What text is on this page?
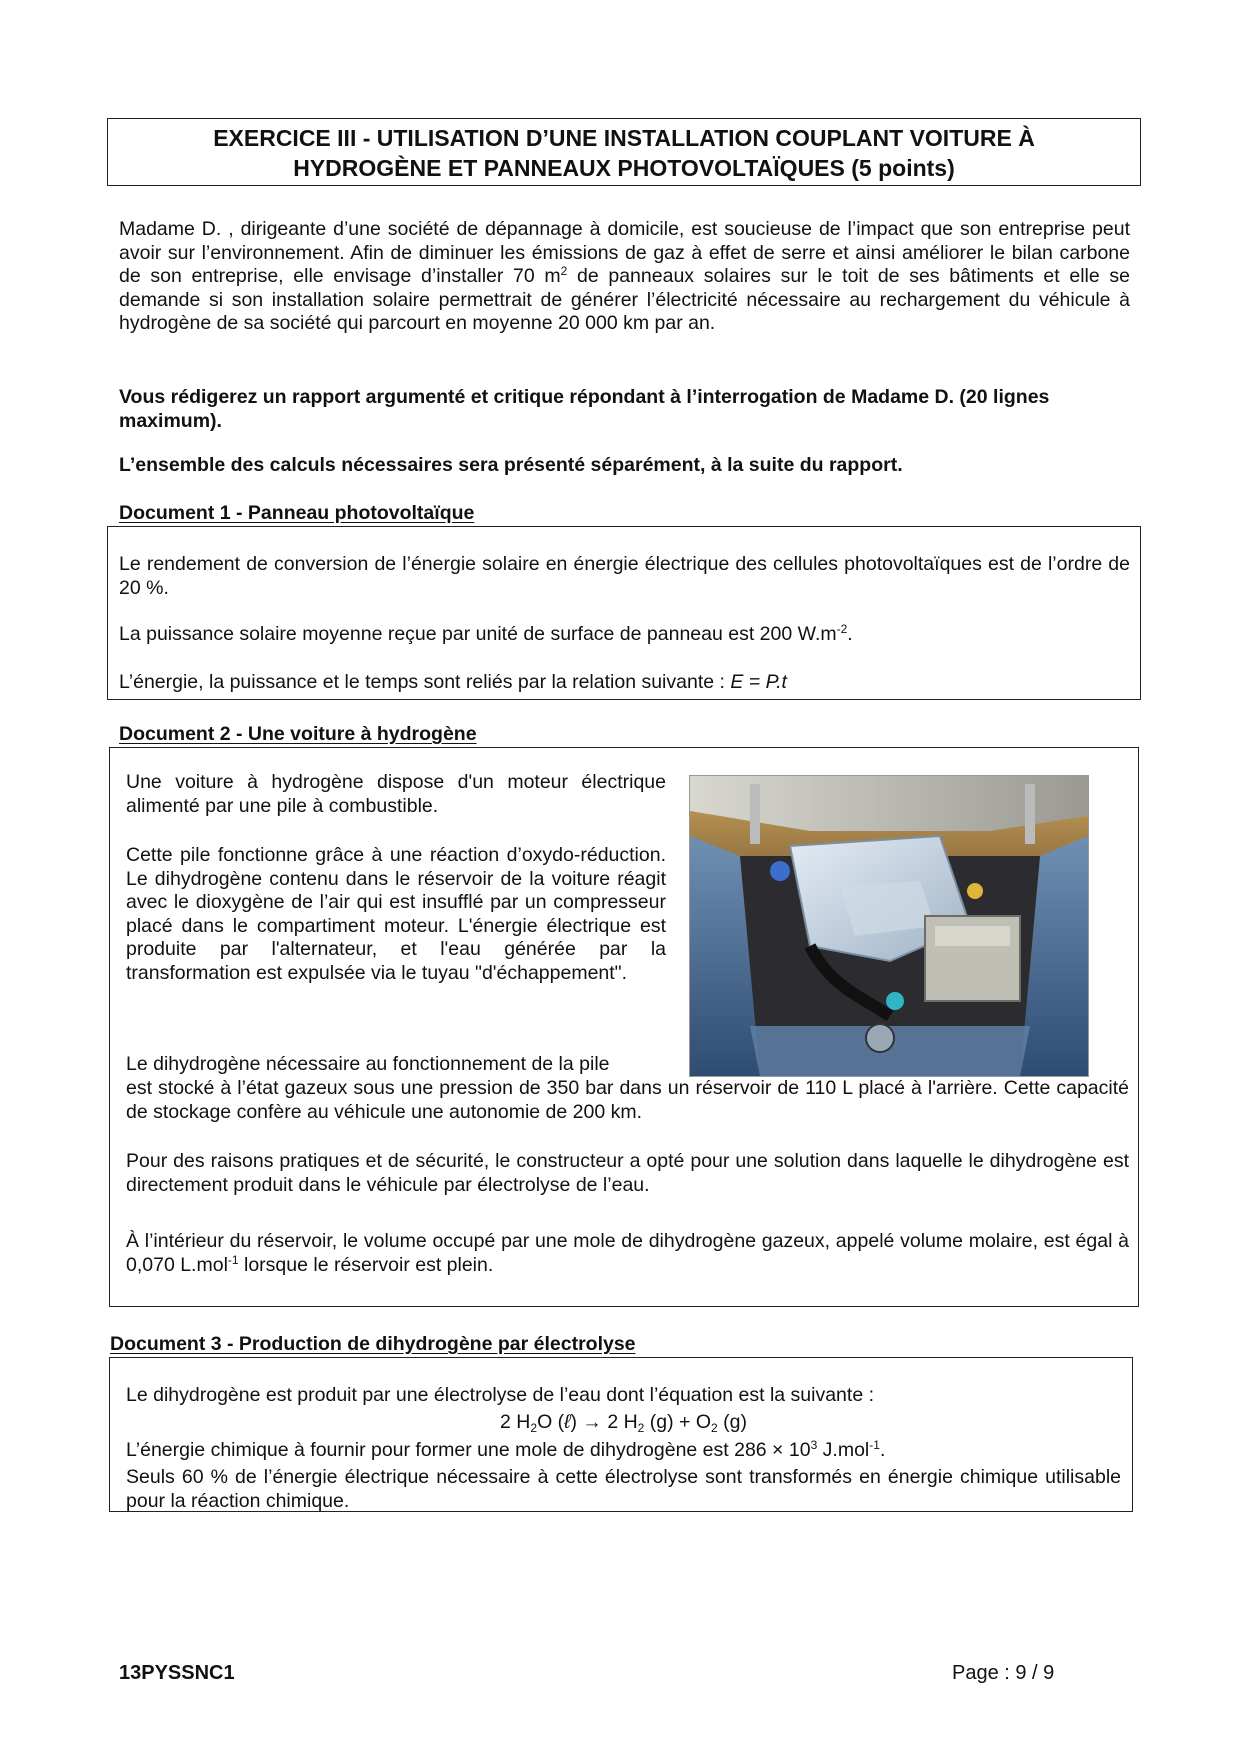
EXERCICE III - UTILISATION D’UNE INSTALLATION COUPLANT VOITURE À
HYDROGÈNE ET PANNEAUX PHOTOVOLTAÏQUES (5 points)

Madame D. , dirigeante d’une société de dépannage à domicile, est soucieuse de l’impact que son entreprise peut avoir sur l’environnement. Afin de diminuer les émissions de gaz à effet de serre et ainsi améliorer le bilan carbone de son entreprise, elle envisage d’installer 70 $m^2$ de panneaux solaires sur le toit de ses bâtiments et elle se demande si son installation solaire permettrait de générer l’électricité nécessaire au rechargement du véhicule à hydrogène de sa société qui parcourt en moyenne 20 000 km par an.

Vous rédigerez un rapport argumenté et critique répondant à l’interrogation de Madame D. (20 lignes maximum).

L’ensemble des calculs nécessaires sera présenté séparément, à la suite du rapport.

Document 1 - Panneau photovoltaïque

Le rendement de conversion de l’énergie solaire en énergie électrique des cellules photovoltaïques est de l’ordre de 20 %.

La puissance solaire moyenne reçue par unité de surface de panneau est 200 $W.m^{-2}$.

L’énergie, la puissance et le temps sont reliés par la relation suivante : E = P.t

Document 2 - Une voiture à hydrogène

Une voiture à hydrogène dispose d'un moteur électrique alimenté par une pile à combustible.

Cette pile fonctionne grâce à une réaction d’oxydo-réduction. Le dihydrogène contenu dans le réservoir de la voiture réagit avec le dioxygène de l’air qui est insufflé par un compresseur placé dans le compartiment moteur. L'énergie électrique est produite par l'alternateur, et l'eau générée par la transformation est expulsée via le tuyau "d'échappement".

Le dihydrogène nécessaire au fonctionnement de la pile

est stocké à l’état gazeux sous une pression de 350 bar dans un réservoir de 110 L placé à l'arrière. Cette capacité de stockage confère au véhicule une autonomie de 200 km.

Pour des raisons pratiques et de sécurité, le constructeur a opté pour une solution dans laquelle le dihydrogène est directement produit dans le véhicule par électrolyse de l’eau.

À l’intérieur du réservoir, le volume occupé par une mole de dihydrogène gazeux, appelé volume molaire, est égal à 0,070 L.mol$^{-1}$ lorsque le réservoir est plein.

Document 3 - Production de dihydrogène par électrolyse

Le dihydrogène est produit par une électrolyse de l’eau dont l’équation est la suivante :

2 $H_2O$ (ℓ) → 2 $H_2$ $(g) + O_2$ (g)

L’énergie chimique à fournir pour former une mole de dihydrogène est $286 \times 10^3$ J.mol$^{-1}$.

Seuls 60 % de l’énergie électrique nécessaire à cette électrolyse sont transformés en énergie chimique utilisable pour la réaction chimique.

13PYSSNC1	Page : 9 / 9
